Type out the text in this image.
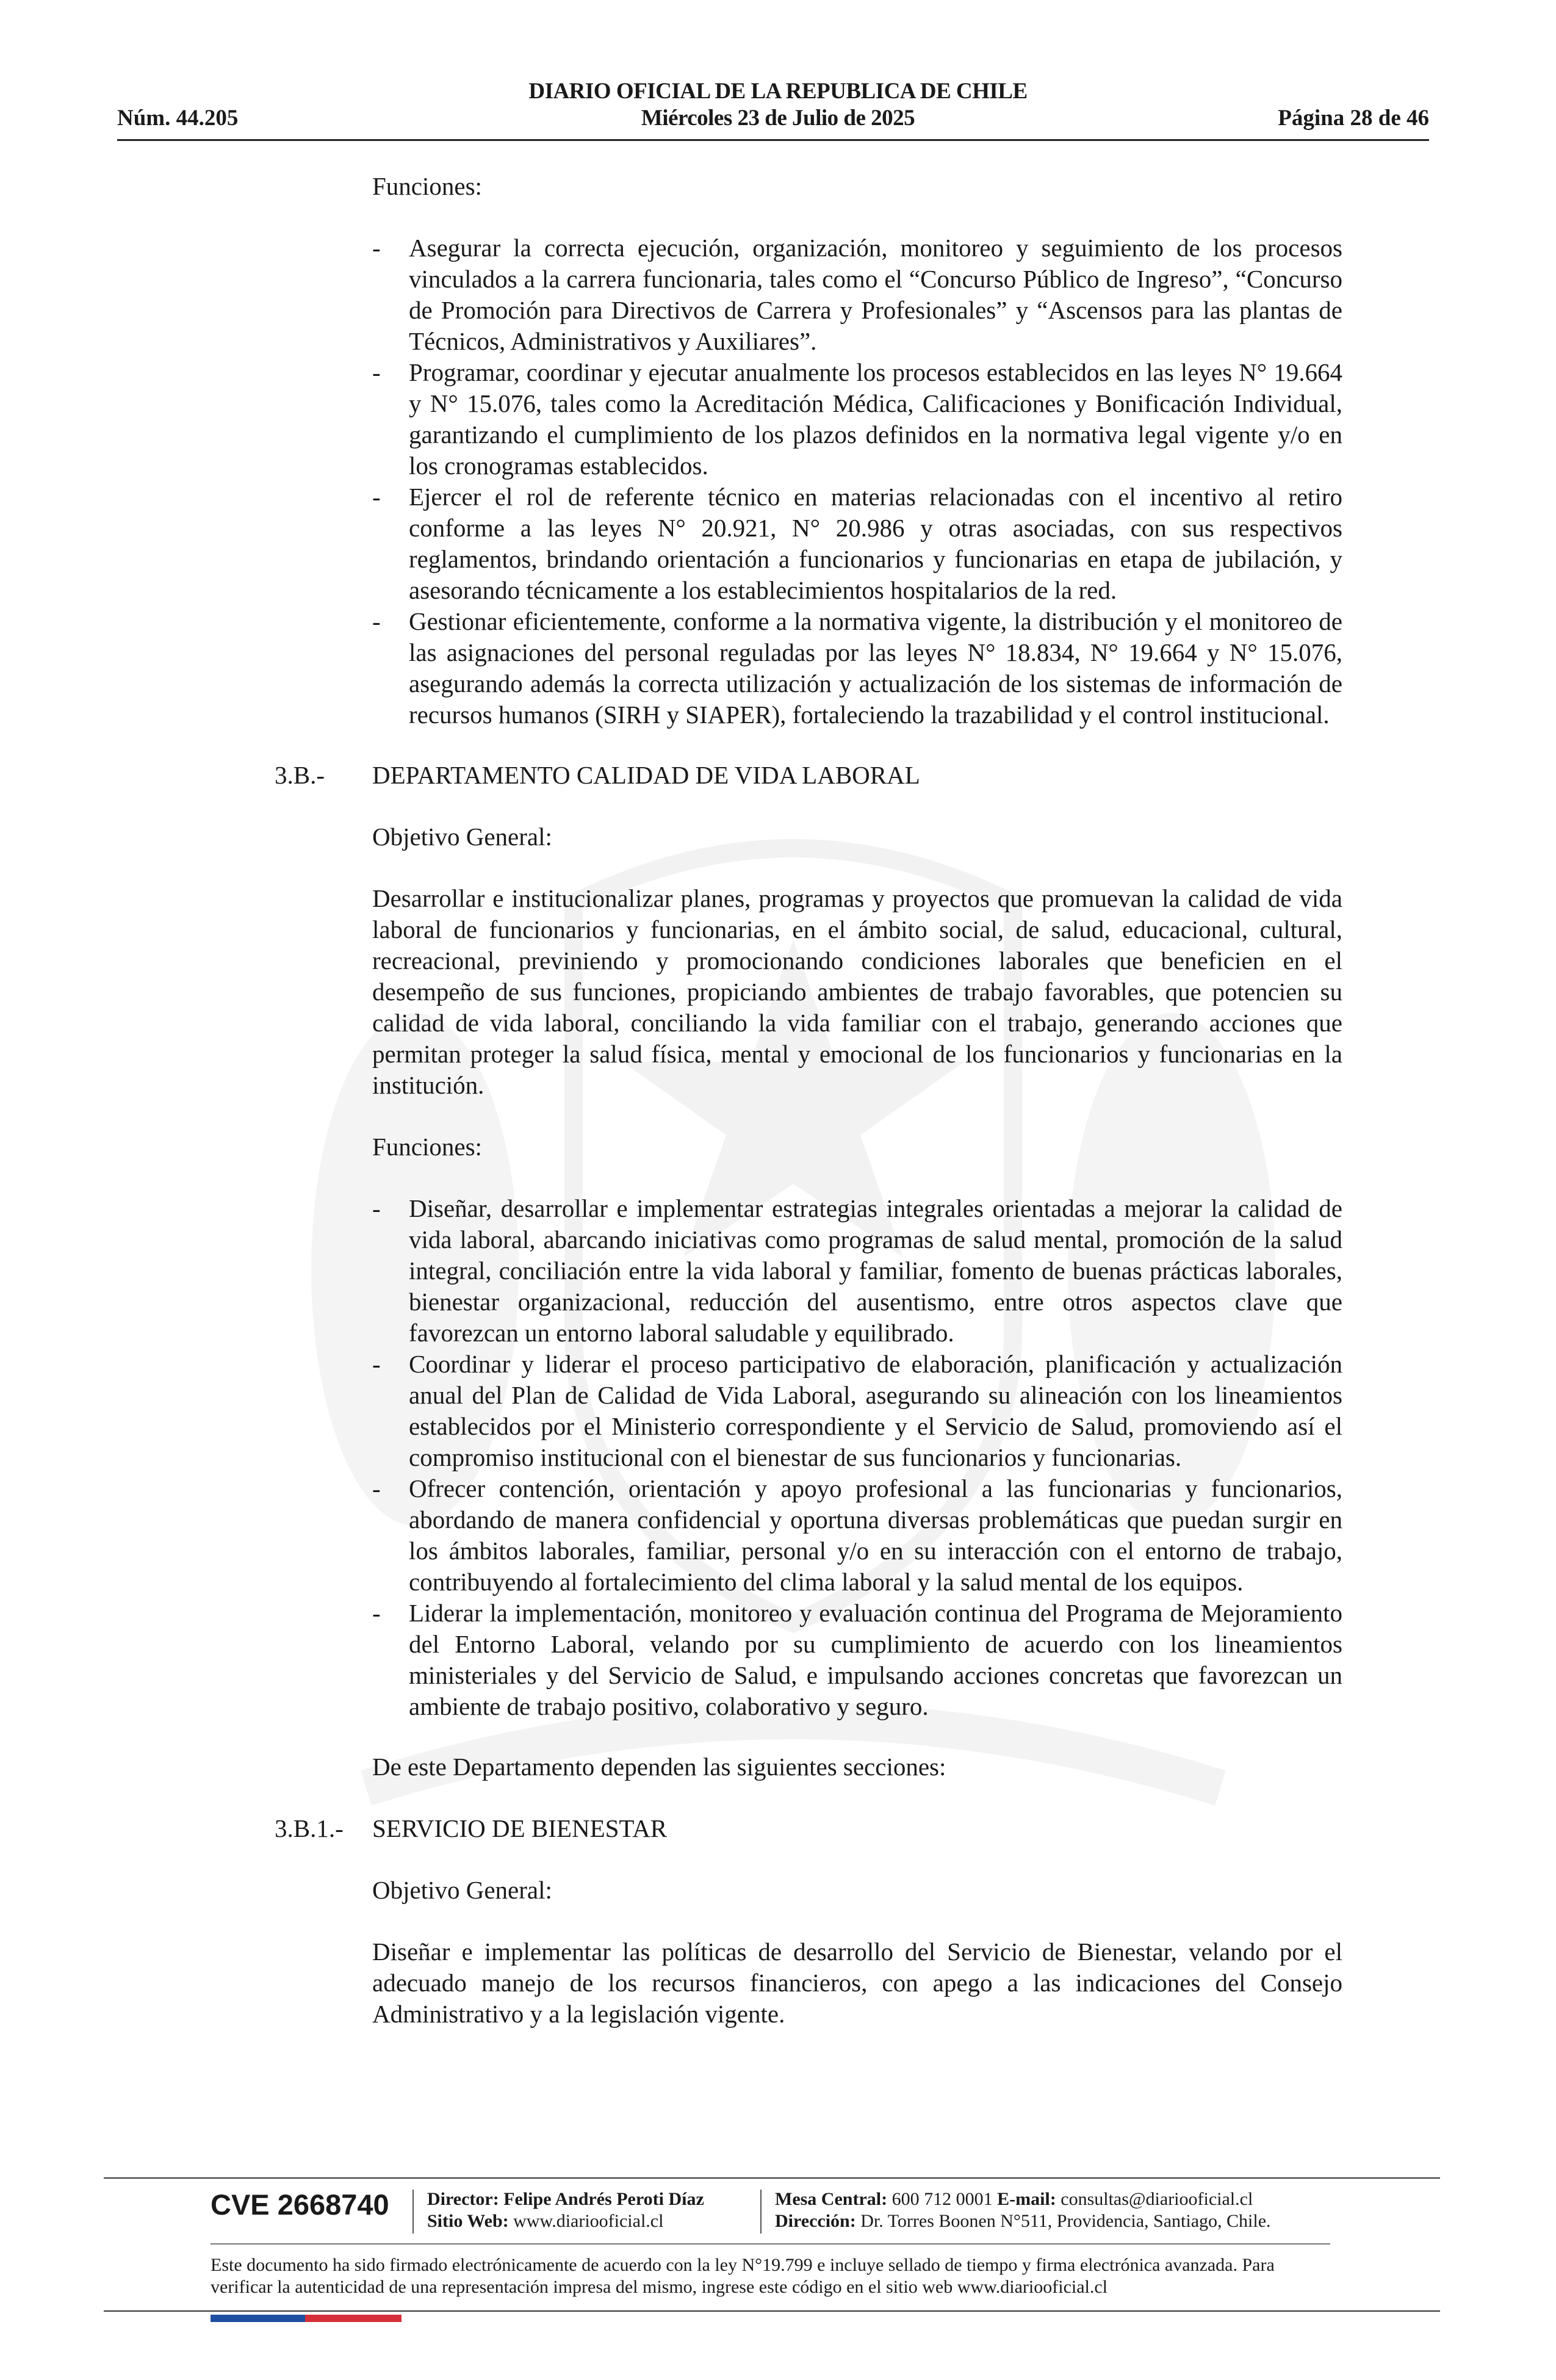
DIARIO OFICIAL DE LA REPUBLICA DE CHILE
Miércoles 23 de Julio de 2025
Núm. 44.205	Página 28 de 46
Funciones:
- Asegurar la correcta ejecución, organización, monitoreo y seguimiento de los procesos vinculados a la carrera funcionaria, tales como el “Concurso Público de Ingreso”, “Concurso de Promoción para Directivos de Carrera y Profesionales” y “Ascensos para las plantas de Técnicos, Administrativos y Auxiliares”.
- Programar, coordinar y ejecutar anualmente los procesos establecidos en las leyes N° 19.664 y N° 15.076, tales como la Acreditación Médica, Calificaciones y Bonificación Individual, garantizando el cumplimiento de los plazos definidos en la normativa legal vigente y/o en los cronogramas establecidos.
- Ejercer el rol de referente técnico en materias relacionadas con el incentivo al retiro conforme a las leyes N° 20.921, N° 20.986 y otras asociadas, con sus respectivos reglamentos, brindando orientación a funcionarios y funcionarias en etapa de jubilación, y asesorando técnicamente a los establecimientos hospitalarios de la red.
- Gestionar eficientemente, conforme a la normativa vigente, la distribución y el monitoreo de las asignaciones del personal reguladas por las leyes N° 18.834, N° 19.664 y N° 15.076, asegurando además la correcta utilización y actualización de los sistemas de información de recursos humanos (SIRH y SIAPER), fortaleciendo la trazabilidad y el control institucional.
3.B.-	DEPARTAMENTO CALIDAD DE VIDA LABORAL
Objetivo General:
Desarrollar e institucionalizar planes, programas y proyectos que promuevan la calidad de vida laboral de funcionarios y funcionarias, en el ámbito social, de salud, educacional, cultural, recreacional, previniendo y promocionando condiciones laborales que beneficien en el desempeño de sus funciones, propiciando ambientes de trabajo favorables, que potencien su calidad de vida laboral, conciliando la vida familiar con el trabajo, generando acciones que permitan proteger la salud física, mental y emocional de los funcionarios y funcionarias en la institución.
Funciones:
- Diseñar, desarrollar e implementar estrategias integrales orientadas a mejorar la calidad de vida laboral, abarcando iniciativas como programas de salud mental, promoción de la salud integral, conciliación entre la vida laboral y familiar, fomento de buenas prácticas laborales, bienestar organizacional, reducción del ausentismo, entre otros aspectos clave que favorezcan un entorno laboral saludable y equilibrado.
- Coordinar y liderar el proceso participativo de elaboración, planificación y actualización anual del Plan de Calidad de Vida Laboral, asegurando su alineación con los lineamientos establecidos por el Ministerio correspondiente y el Servicio de Salud, promoviendo así el compromiso institucional con el bienestar de sus funcionarios y funcionarias.
- Ofrecer contención, orientación y apoyo profesional a las funcionarias y funcionarios, abordando de manera confidencial y oportuna diversas problemáticas que puedan surgir en los ámbitos laborales, familiar, personal y/o en su interacción con el entorno de trabajo, contribuyendo al fortalecimiento del clima laboral y la salud mental de los equipos.
- Liderar la implementación, monitoreo y evaluación continua del Programa de Mejoramiento del Entorno Laboral, velando por su cumplimiento de acuerdo con los lineamientos ministeriales y del Servicio de Salud, e impulsando acciones concretas que favorezcan un ambiente de trabajo positivo, colaborativo y seguro.
De este Departamento dependen las siguientes secciones:
3.B.1.-	SERVICIO DE BIENESTAR
Objetivo General:
Diseñar e implementar las políticas de desarrollo del Servicio de Bienestar, velando por el adecuado manejo de los recursos financieros, con apego a las indicaciones del Consejo Administrativo y a la legislación vigente.
CVE 2668740 Director: Felipe Andrés Peroti Díaz
Sitio Web: www.diariooficial.cl
Mesa Central: 600 712 0001 E-mail: consultas@diariooficial.cl
Dirección: Dr. Torres Boonen N°511, Providencia, Santiago, Chile.
Este documento ha sido firmado electrónicamente de acuerdo con la ley N°19.799 e incluye sellado de tiempo y firma electrónica avanzada. Para verificar la autenticidad de una representación impresa del mismo, ingrese este código en el sitio web www.diariooficial.cl
